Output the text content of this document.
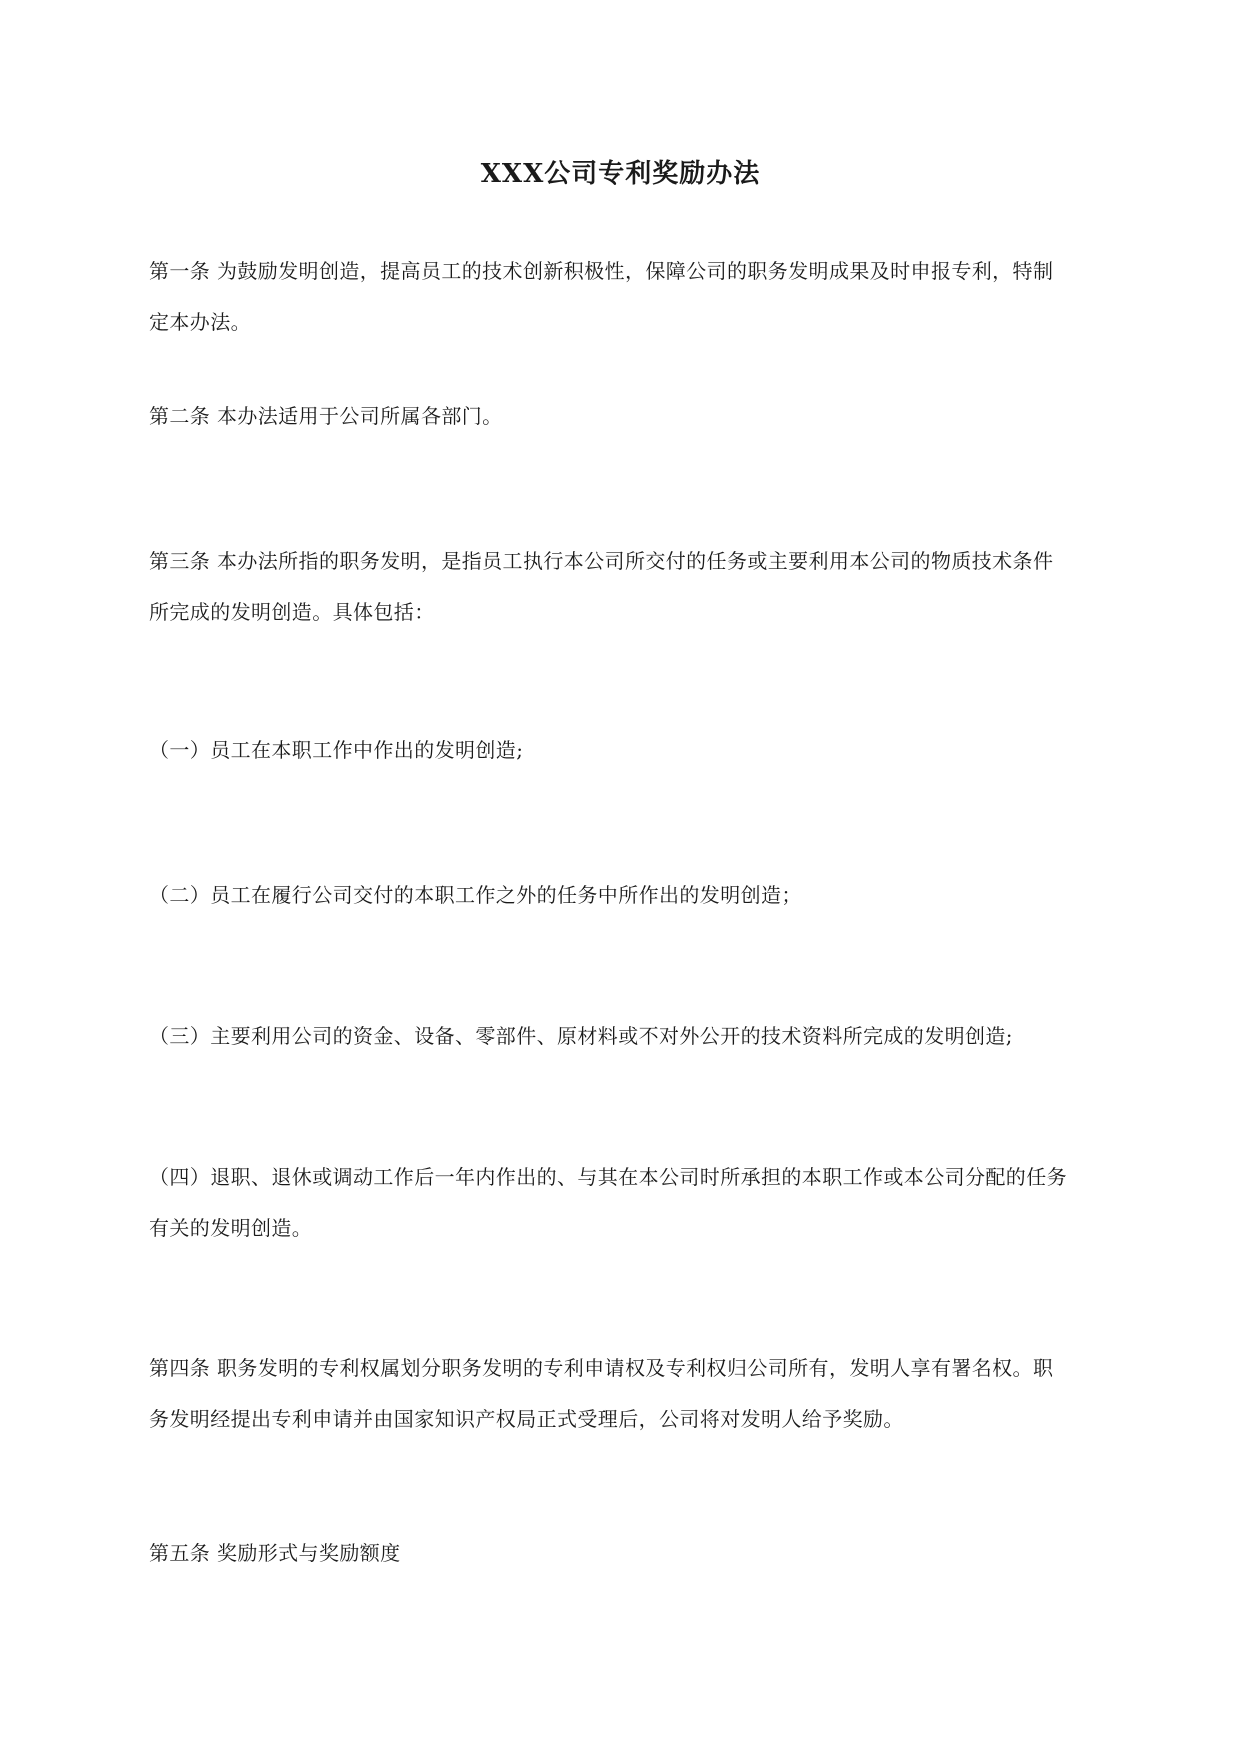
XXX公司专利奖励办法
第一条 为鼓励发明创造，提高员工的技术创新积极性，保障公司的职务发明成果及时申报专利，特制
定本办法。
第二条 本办法适用于公司所属各部门。
第三条 本办法所指的职务发明，是指员工执行本公司所交付的任务或主要利用本公司的物质技术条件
所完成的发明创造。具体包括：
（一）员工在本职工作中作出的发明创造;
（二）员工在履行公司交付的本职工作之外的任务中所作出的发明创造；
（三）主要利用公司的资金、设备、零部件、原材料或不对外公开的技术资料所完成的发明创造;
（四）退职、退休或调动工作后一年内作出的、与其在本公司时所承担的本职工作或本公司分配的任务
有关的发明创造。
第四条 职务发明的专利权属划分职务发明的专利申请权及专利权归公司所有，发明人享有署名权。职
务发明经提出专利申请并由国家知识产权局正式受理后，公司将对发明人给予奖励。
第五条 奖励形式与奖励额度
